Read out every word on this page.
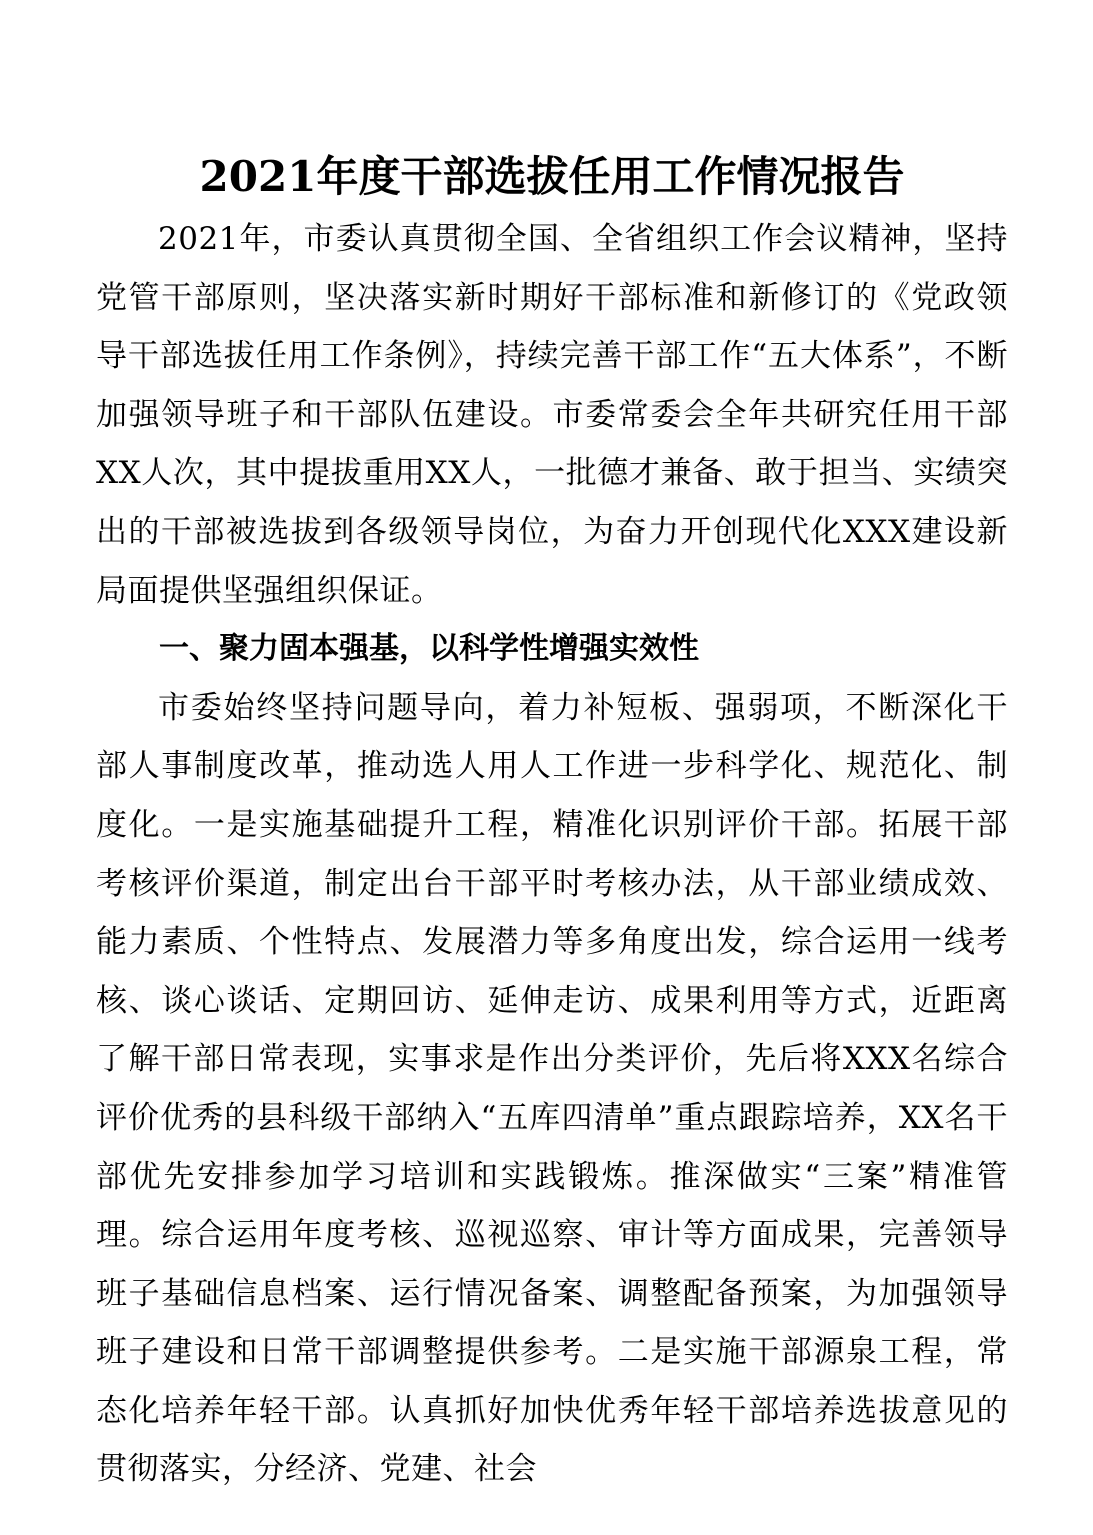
2021年度干部选拔任用工作情况报告

2021年，市委认真贯彻全国、全省组织工作会议精神，坚持党管干部原则，坚决落实新时期好干部标准和新修订的《党政领导干部选拔任用工作条例》，持续完善干部工作“五大体系”，不断加强领导班子和干部队伍建设。市委常委会全年共研究任用干部XX人次，其中提拔重用XX人，一批德才兼备、敢于担当、实绩突出的干部被选拔到各级领导岗位，为奋力开创现代化XXX建设新局面提供坚强组织保证。

一、聚力固本强基，以科学性增强实效性

市委始终坚持问题导向，着力补短板、强弱项，不断深化干部人事制度改革，推动选人用人工作进一步科学化、规范化、制度化。一是实施基础提升工程，精准化识别评价干部。拓展干部考核评价渠道，制定出台干部平时考核办法，从干部业绩成效、能力素质、个性特点、发展潜力等多角度出发，综合运用一线考核、谈心谈话、定期回访、延伸走访、成果利用等方式，近距离了解干部日常表现，实事求是作出分类评价，先后将XXX名综合评价优秀的县科级干部纳入“五库四清单”重点跟踪培养，XX名干部优先安排参加学习培训和实践锻炼。推深做实“三案”精准管理。综合运用年度考核、巡视巡察、审计等方面成果，完善领导班子基础信息档案、运行情况备案、调整配备预案，为加强领导班子建设和日常干部调整提供参考。二是实施干部源泉工程，常态化培养年轻干部。认真抓好加快优秀年轻干部培养选拔意见的贯彻落实，分经济、党建、社会
